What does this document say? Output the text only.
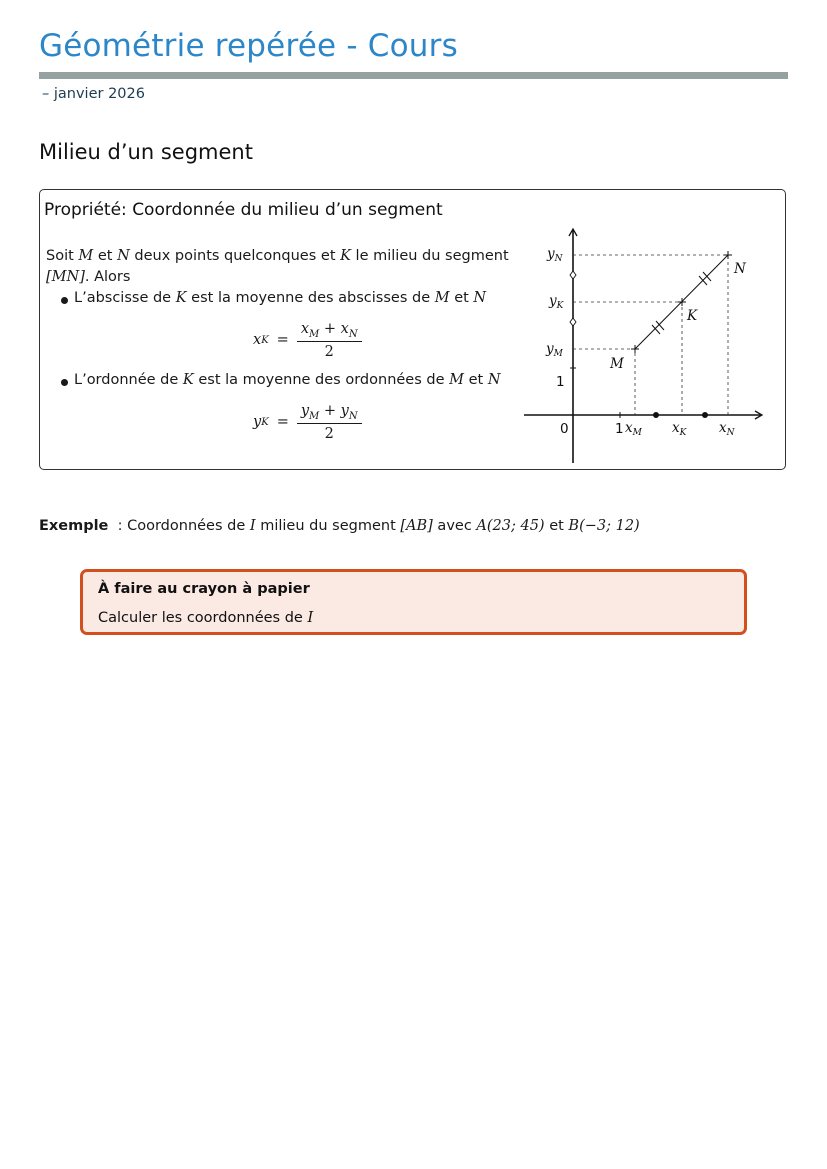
Géométrie repérée - Cours
– janvier 2026
Milieu d’un segment
Propriété: Coordonnée du milieu d’un segment
Soit M et N deux points quelconques et K le milieu du segment
[MN]. Alors
L’abscisse de K est la moyenne des abscisses de M et N
x $K = \frac{x_M + x_N}{2}$
L’ordonnée de K est la moyenne des ordonnées de M et N
y $K = \frac{y_M + y_N}{2}$	0	1
1
M
K
N
$x_M$ $x_K$ $x_N$
$y_M$
$y_K$
$y_N$
Exemple  : Coordonnées de I milieu du segment [AB] avec A(23; 45) et B(−3; 12)
À faire au crayon à papier
Calculer les coordonnées de I
